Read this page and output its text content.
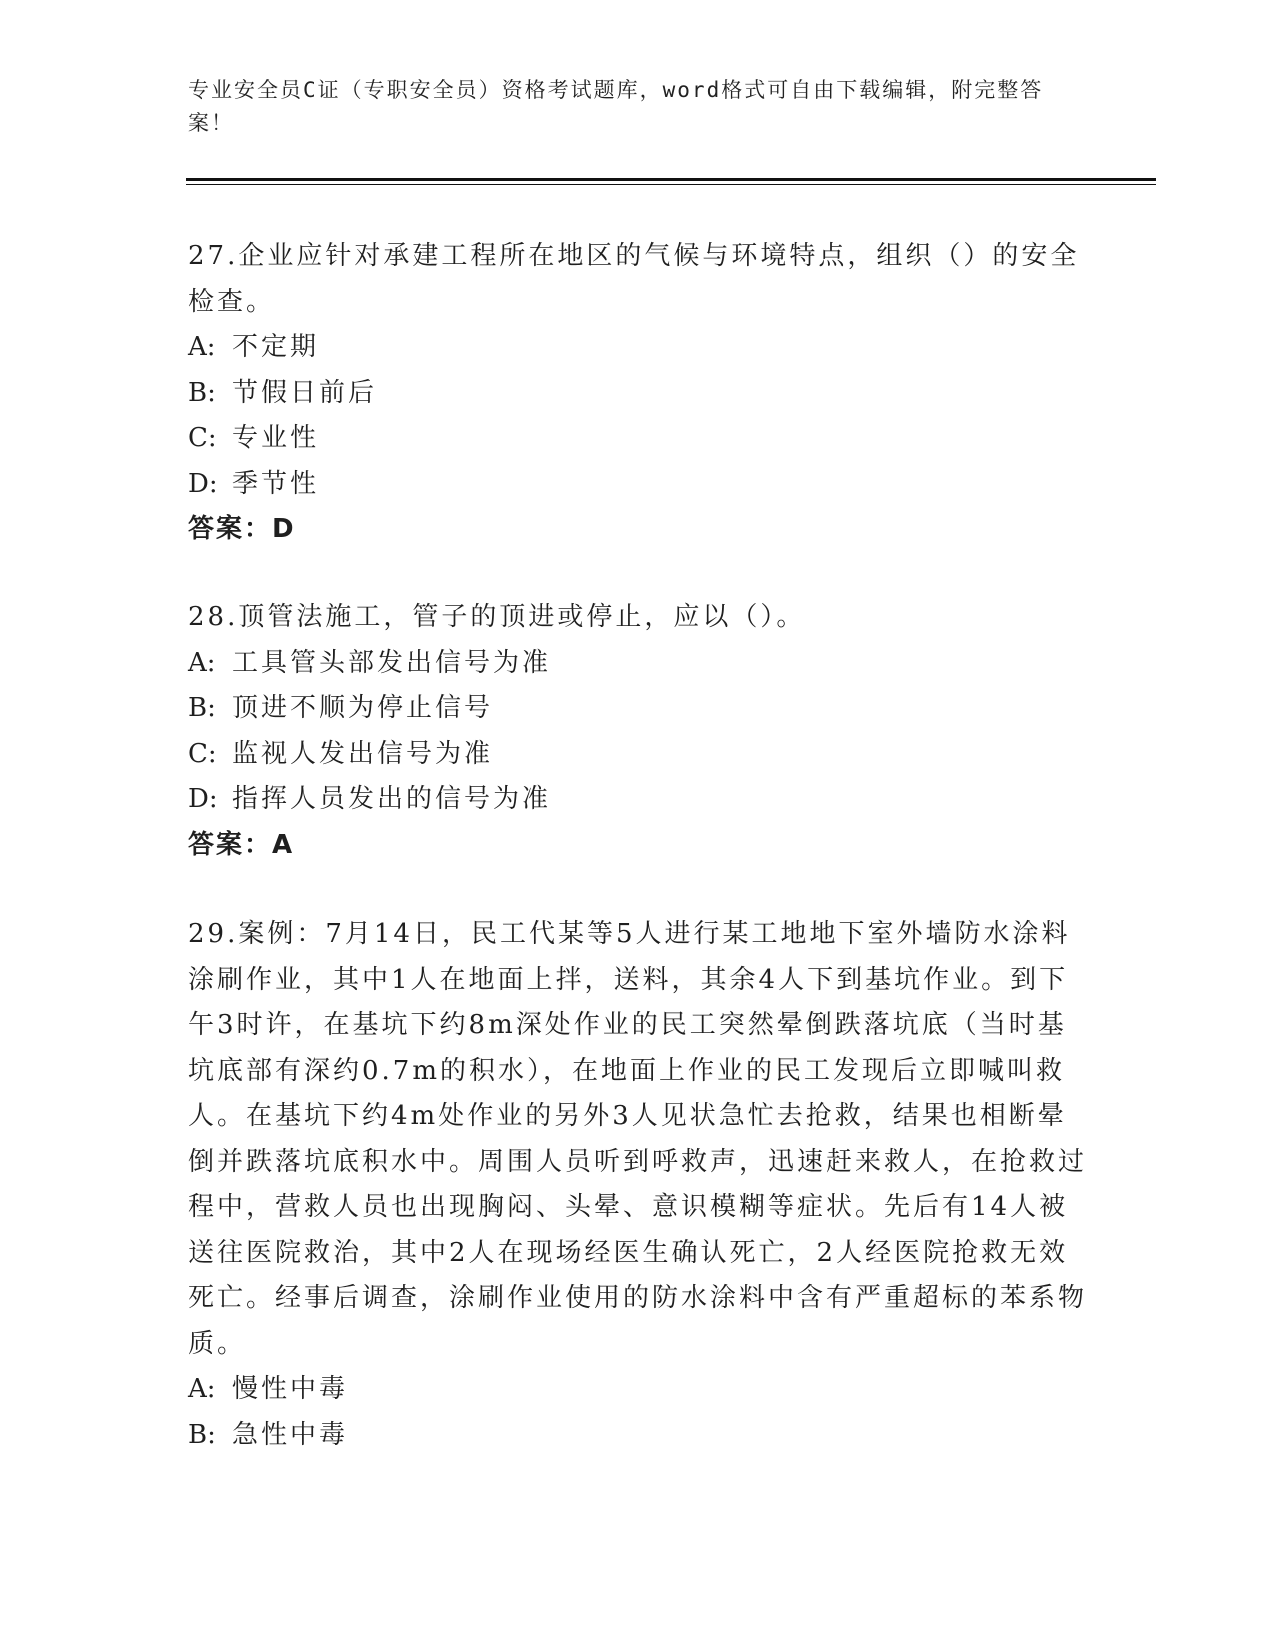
专业安全员C证（专职安全员）资格考试题库，word格式可自由下载编辑，附完整答案！

27.企业应针对承建工程所在地区的气候与环境特点，组织（）的安全检查。

A: 不定期

B: 节假日前后

C: 专业性

D: 季节性

答案：D

28.顶管法施工，管子的顶进或停止，应以（）。

A: 工具管头部发出信号为准

B: 顶进不顺为停止信号

C: 监视人发出信号为准

D: 指挥人员发出的信号为准

答案：A

29.案例：7月14日，民工代某等5人进行某工地地下室外墙防水涂料涂刷作业，其中1人在地面上拌，送料，其余4人下到基坑作业。到下午3时许，在基坑下约8m深处作业的民工突然晕倒跌落坑底（当时基坑底部有深约0.7m的积水），在地面上作业的民工发现后立即喊叫救人。在基坑下约4m处作业的另外3人见状急忙去抢救，结果也相断晕倒并跌落坑底积水中。周围人员听到呼救声，迅速赶来救人，在抢救过程中，营救人员也出现胸闷、头晕、意识模糊等症状。先后有14人被送往医院救治，其中2人在现场经医生确认死亡，2人经医院抢救无效死亡。经事后调查，涂刷作业使用的防水涂料中含有严重超标的苯系物质。

A: 慢性中毒

B: 急性中毒
